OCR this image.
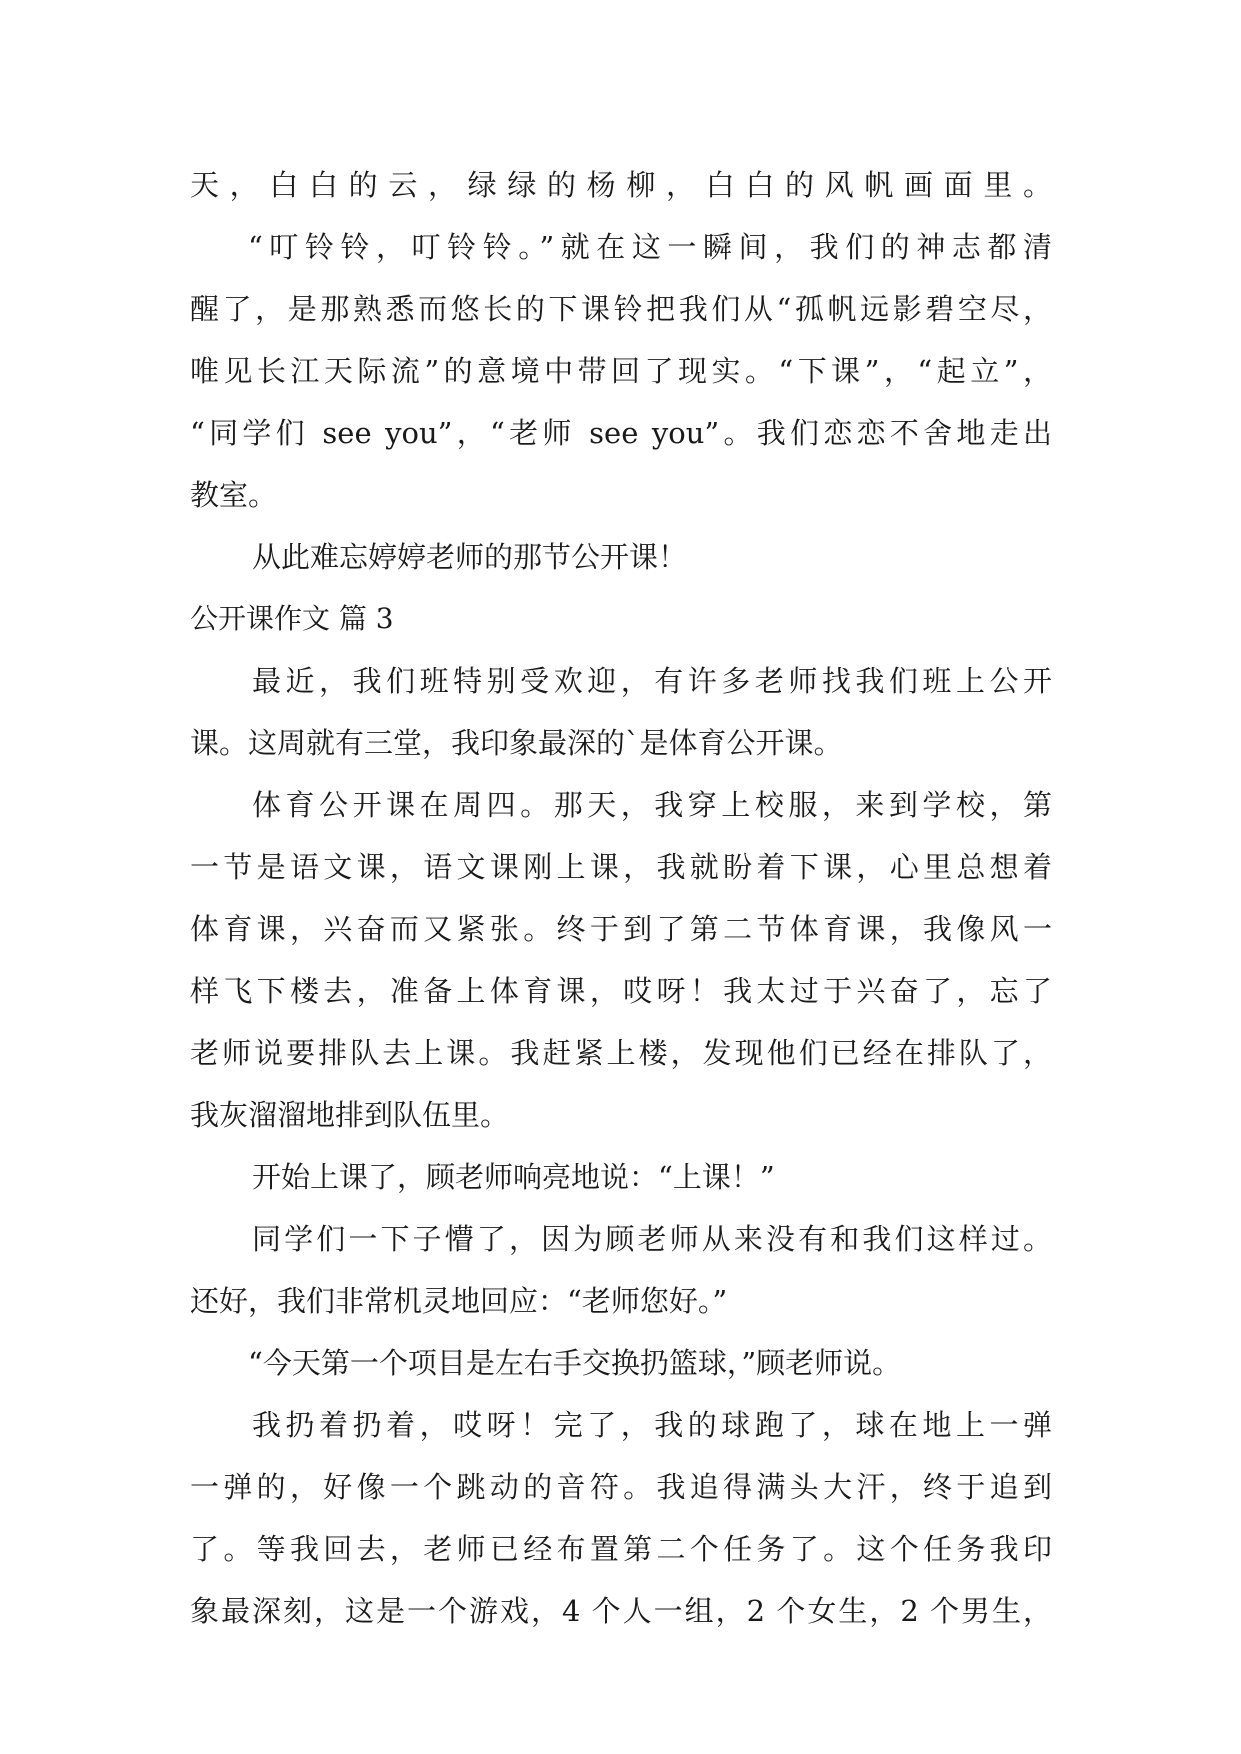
天，白白的云，绿绿的杨柳，白白的风帆画面里。
“叮铃铃，叮铃铃。”就在这一瞬间，我们的神志都清
醒了，是那熟悉而悠长的下课铃把我们从“孤帆远影碧空尽，
唯见长江天际流”的意境中带回了现实。“下课”，“起立”，
“同学们 see you”，“老师 see you”。我们恋恋不舍地走出
教室。
从此难忘婷婷老师的那节公开课！
公开课作文 篇 3
最近，我们班特别受欢迎，有许多老师找我们班上公开
课。这周就有三堂，我印象最深的`是体育公开课。
体育公开课在周四。那天，我穿上校服，来到学校，第
一节是语文课，语文课刚上课，我就盼着下课，心里总想着
体育课，兴奋而又紧张。终于到了第二节体育课，我像风一
样飞下楼去，准备上体育课，哎呀！我太过于兴奋了，忘了
老师说要排队去上课。我赶紧上楼，发现他们已经在排队了，
我灰溜溜地排到队伍里。
开始上课了，顾老师响亮地说：“上课！”
同学们一下子懵了，因为顾老师从来没有和我们这样过。
还好，我们非常机灵地回应：“老师您好。”
“今天第一个项目是左右手交换扔篮球，”顾老师说。
我扔着扔着，哎呀！完了，我的球跑了，球在地上一弹
一弹的，好像一个跳动的音符。我追得满头大汗，终于追到
了。等我回去，老师已经布置第二个任务了。这个任务我印
象最深刻，这是一个游戏，4 个人一组，2 个女生，2 个男生，
